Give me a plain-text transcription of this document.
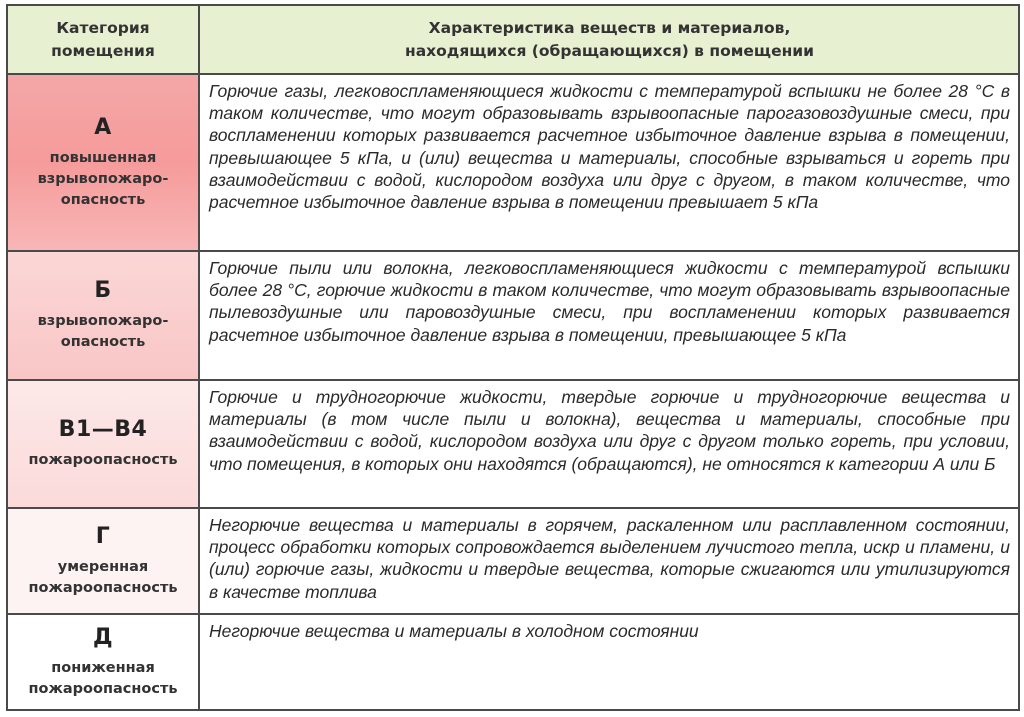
Категория
помещения
Характеристика веществ и материалов,
находящихся (обращающихся) в помещении
А
повышенная
взрывопожаро-
опасность
Горючие газы, легковоспламеняющиеся жидкости с температурой вспышки не более 28 °С в таком количестве, что могут образовывать взрывоопасные парогазовоздушные смеси, при воспламенении которых развивается расчетное избыточное давление взрыва в помещении, превышающее 5 кПа, и (или) вещества и материалы, способные взрываться и гореть при взаимодействии с водой, кислородом воздуха или друг с другом, в таком количестве, что расчетное избыточное давление взрыва в помещении превышает 5 кПа
Б
взрывопожаро-
опасность
Горючие пыли или волокна, легковоспламеняющиеся жидкости с температурой вспышки более 28 °С, горючие жидкости в таком количестве, что могут образовывать взрывоопасные пылевоздушные или паровоздушные смеси, при воспламенении которых развивается расчетное избыточное давление взрыва в помещении, превышающее 5 кПа
В1—В4
пожароопасность
Горючие и трудногорючие жидкости, твердые горючие и трудногорючие вещества и материалы (в том числе пыли и волокна), вещества и материалы, способные при взаимодействии с водой, кислородом воздуха или друг с другом только гореть, при условии, что помещения, в которых они находятся (обращаются), не относятся к категории А или Б
Г
умеренная
пожароопасность
Негорючие вещества и материалы в горячем, раскаленном или расплавленном состоянии, процесс обработки которых сопровождается выделением лучистого тепла, искр и пламени, и (или) горючие газы, жидкости и твердые вещества, которые сжигаются или утилизируются в качестве топлива
Д
пониженная
пожароопасность
Негорючие вещества и материалы в холодном состоянии
